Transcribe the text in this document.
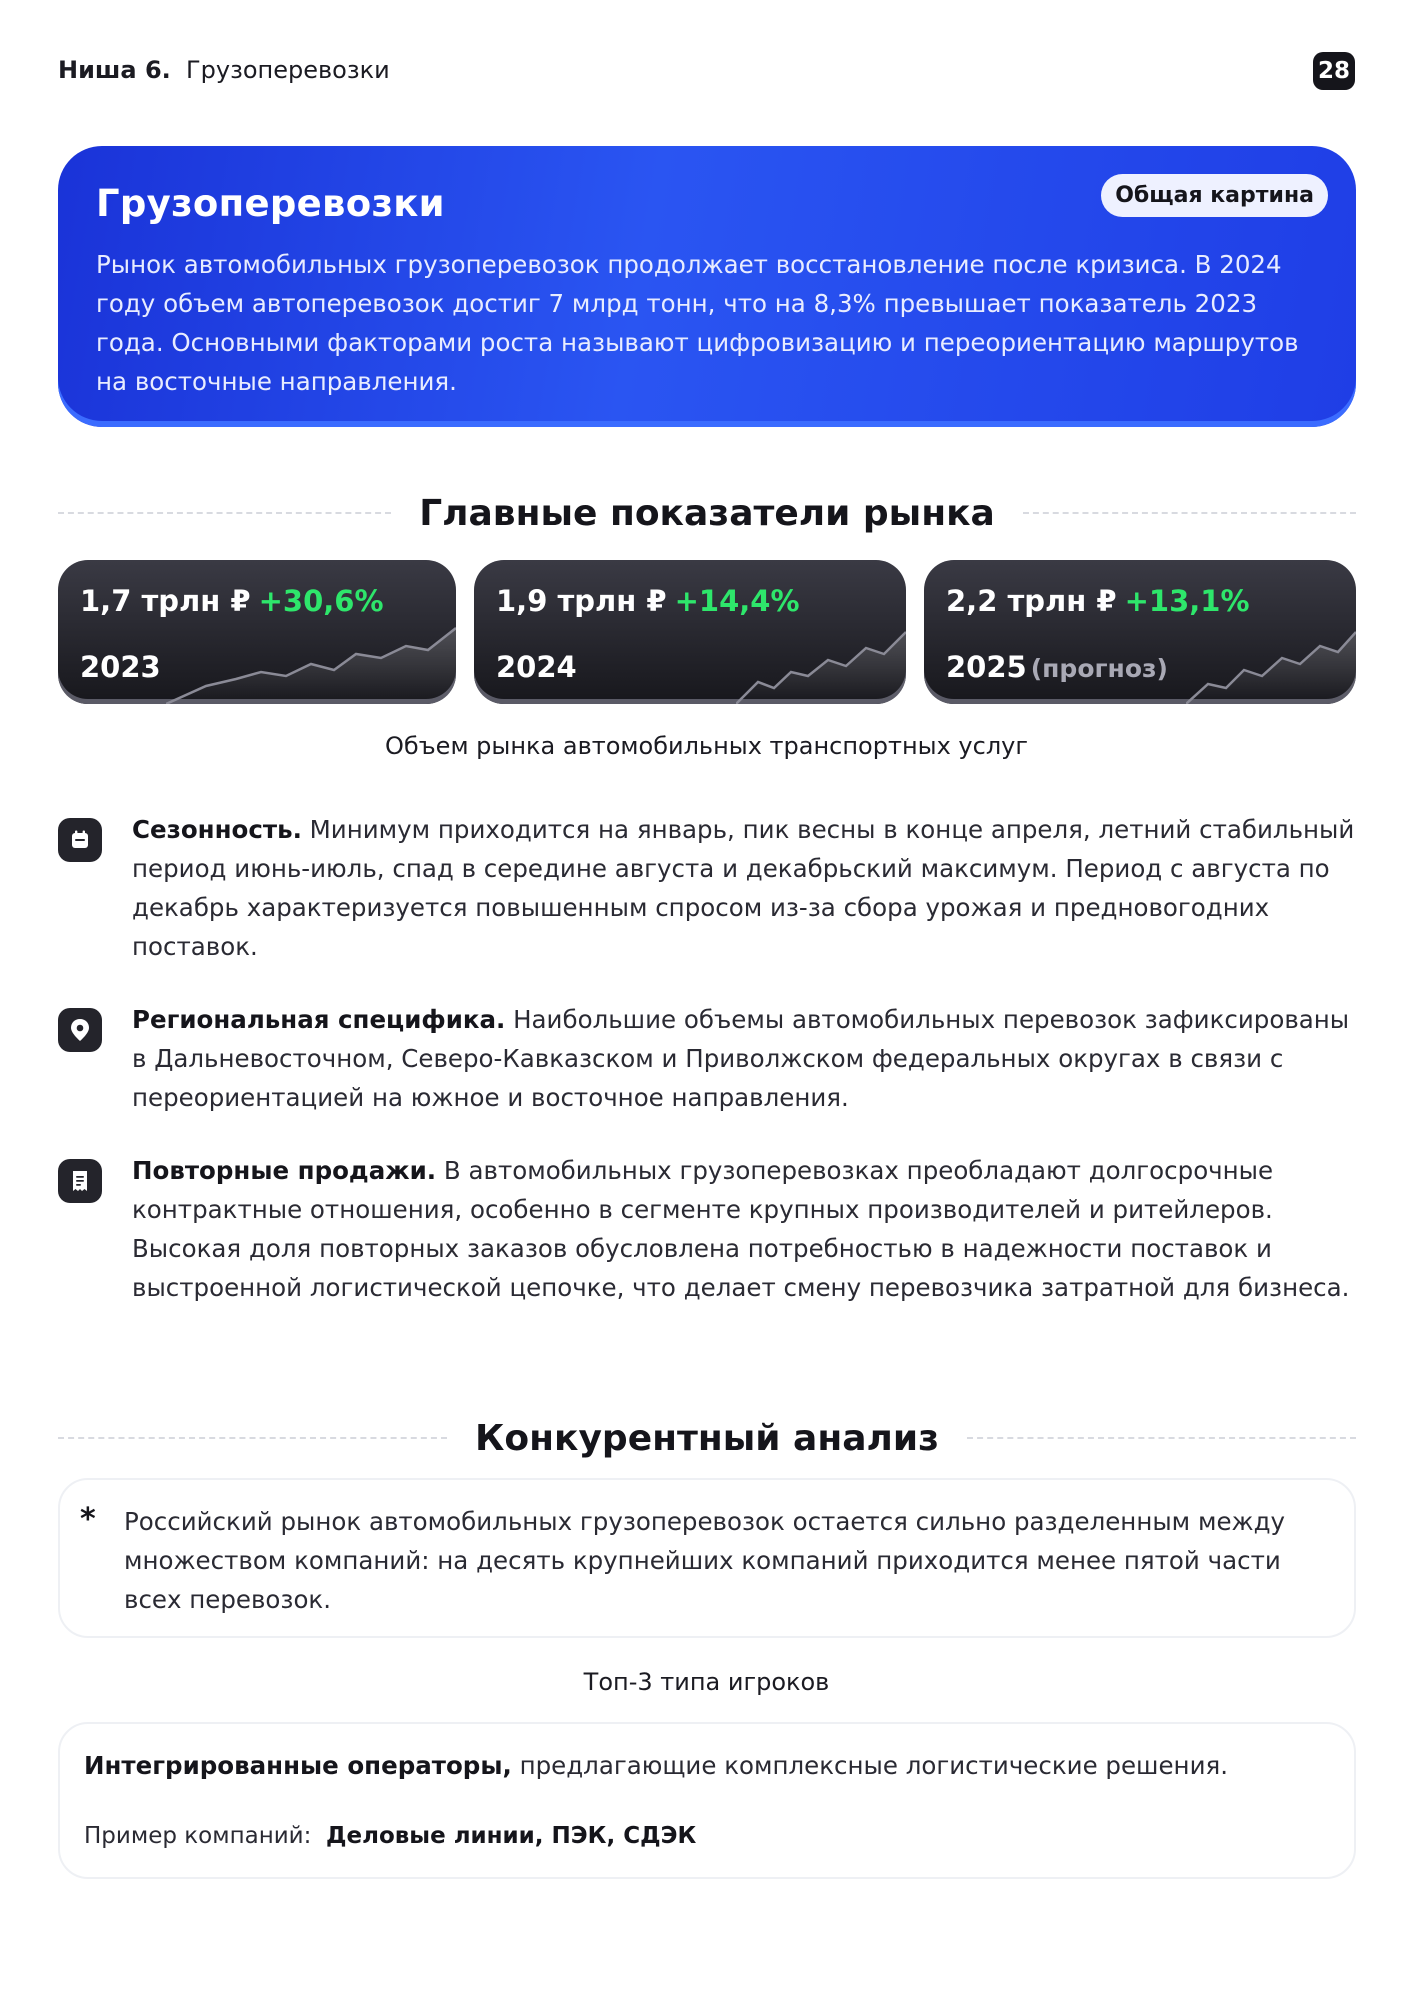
Ниша 6. Грузоперевозки	28
Грузоперевозки	Общая картина

Рынок автомобильных грузоперевозок продолжает восстановление после кризиса. В 2024 году объем автоперевозок достиг 7 млрд тонн, что на 8,3% превышает показатель 2023 года. Основными факторами роста называют цифровизацию и переориентацию маршрутов на восточные направления.

Главные показатели рынка
1,7 трлн ₽ +30,6%
2023
1,9 трлн ₽ +14,4%
2024
2,2 трлн ₽ +13,1%
2025 (прогноз)
Объем рынка автомобильных транспортных услуг

Сезонность. Минимум приходится на январь, пик весны в конце апреля, летний стабильный период июнь-июль, спад в середине августа и декабрьский максимум. Период с августа по декабрь характеризуется повышенным спросом из-за сбора урожая и предновогодних поставок.

Региональная специфика. Наибольшие объемы автомобильных перевозок зафиксированы в Дальневосточном, Северо-Кавказском и Приволжском федеральных округах в связи с переориентацией на южное и восточное направления.

Повторные продажи. В автомобильных грузоперевозках преобладают долгосрочные контрактные отношения, особенно в сегменте крупных производителей и ритейлеров. Высокая доля повторных заказов обусловлена потребностью в надежности поставок и выстроенной логистической цепочке, что делает смену перевозчика затратной для бизнеса.

Конкурентный анализ
* Российский рынок автомобильных грузоперевозок остается сильно разделенным между множеством компаний: на десять крупнейших компаний приходится менее пятой части всех перевозок.

Топ-3 типа игроков

Интегрированные операторы, предлагающие комплексные логистические решения.

Пример компаний: Деловые линии, ПЭК, СДЭК
